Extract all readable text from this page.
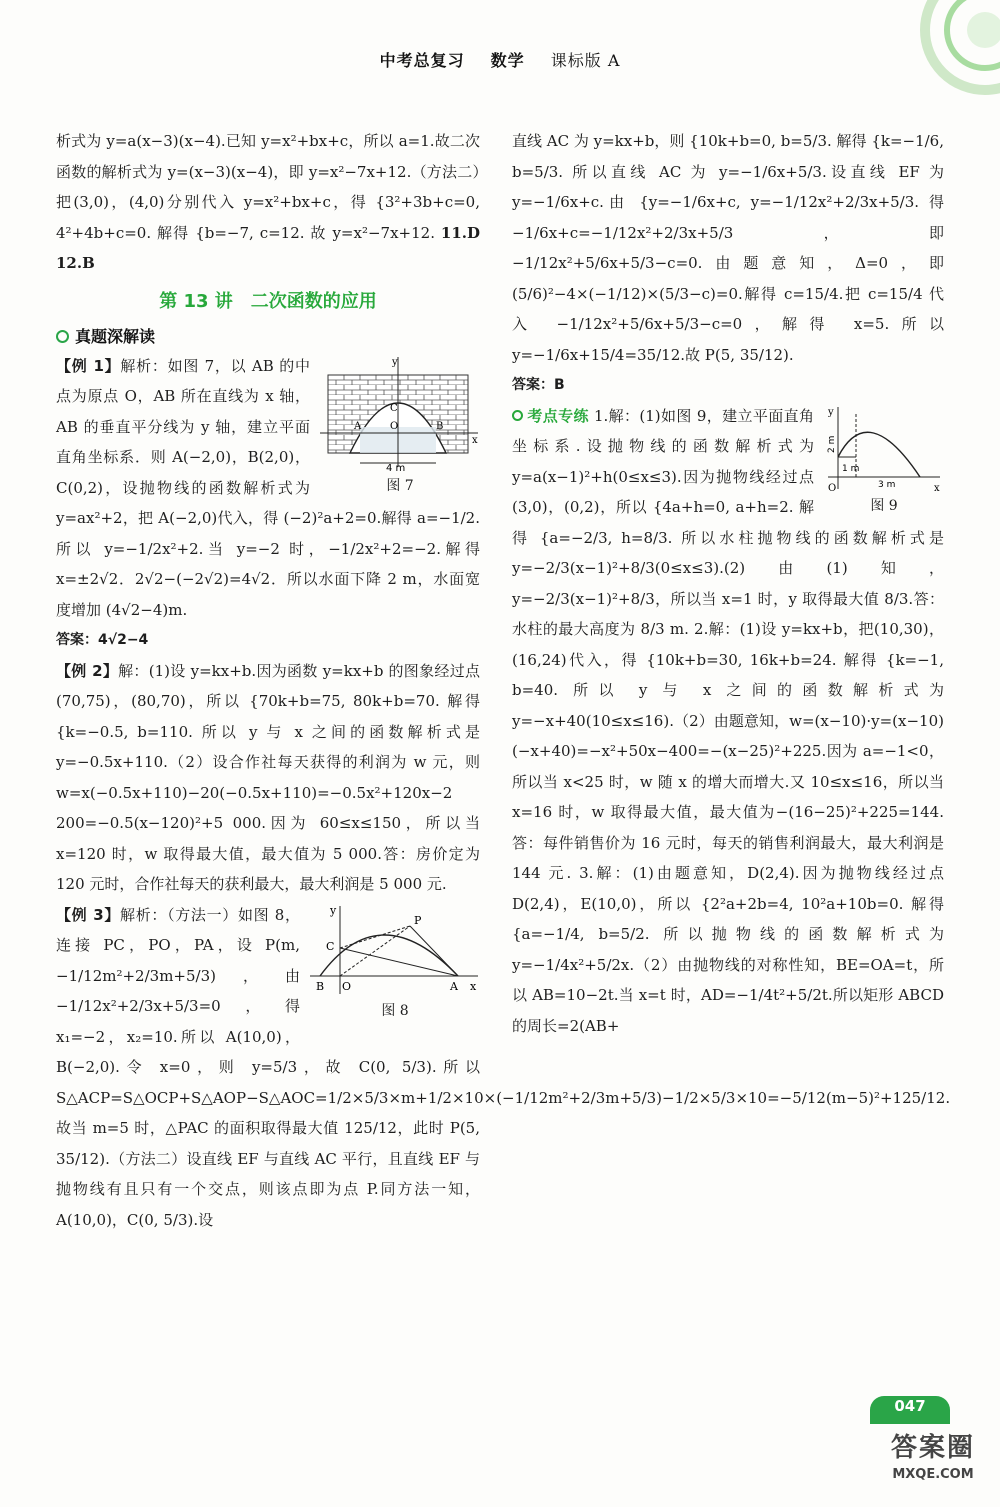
中考总复习 数学 课标版 A

析式为 y=a(x−3)(x−4).已知 y=x²+bx+c，所以 a=1.故二次函数的解析式为 y=(x−3)(x−4)，即 y=x²−7x+12.（方法二）把(3,0)，(4,0)分别代入 y=x²+bx+c，得 {3²+3b+c=0, 4²+4b+c=0. 解得 {b=−7, c=12. 故 y=x²−7x+12. 11.D　12.B

第 13 讲　二次函数的应用
真题深解读
y
x
C
A	B
O
4 m
图 7

【例 1】解析：如图 7，以 AB 的中点为原点 O，AB 所在直线为 x 轴，AB 的垂直平分线为 y 轴，建立平面直角坐标系．则 A(−2,0)，B(2,0)，C(0,2)，设抛物线的函数解析式为 y=ax²+2，把 A(−2,0)代入，得 (−2)²a+2=0.解得 a=−1/2.所以 y=−1/2x²+2.当 y=−2 时，−1/2x²+2=−2.解得 x=±2√2．2√2−(−2√2)=4√2．所以水面下降 2 m，水面宽度增加 (4√2−4)m.

答案：4√2−4

【例 2】解：(1)设 y=kx+b.因为函数 y=kx+b 的图象经过点(70,75)，(80,70)，所以 {70k+b=75, 80k+b=70. 解得 {k=−0.5, b=110. 所以 y 与 x 之间的函数解析式是 y=−0.5x+110.（2）设合作社每天获得的利润为 w 元，则 w=x(−0.5x+110)−20(−0.5x+110)=−0.5x²+120x−2 200=−0.5(x−120)²+5 000.因为 60≤x≤150，所以当 x=120 时，w 取得最大值，最大值为 5 000.答：房价定为 120 元时，合作社每天的获利最大，最大利润是 5 000 元.

y
x
P
C
B O	A
图 8

【例 3】解析：（方法一）如图 8，连接 PC，PO，PA，设 P(m, −1/12m²+2/3m+5/3)，由 −1/12x²+2/3x+5/3=0，得 x₁=−2，x₂=10.所以 A(10,0)，B(−2,0).令 x=0，则 y=5/3，故 C(0, 5/3).所以 S△ACP=S△OCP+S△AOP−S△AOC=1/2×5/3×m+1/2×10×(−1/12m²+2/3m+5/3)−1/2×5/3×10=−5/12(m−5)²+125/12.故当 m=5 时，△PAC 的面积取得最大值 125/12，此时 P(5, 35/12).（方法二）设直线 EF 与直线 AC 平行，且直线 EF 与抛物线有且只有一个交点，则该点即为点 P.同方法一知，A(10,0)，C(0, 5/3).设

直线 AC 为 y=kx+b，则 {10k+b=0, b=5/3. 解得 {k=−1/6, b=5/3. 所以直线 AC 为 y=−1/6x+5/3.设直线 EF 为 y=−1/6x+c.由 {y=−1/6x+c, y=−1/12x²+2/3x+5/3. 得 −1/6x+c=−1/12x²+2/3x+5/3，即 −1/12x²+5/6x+5/3−c=0.由题意知，Δ=0，即(5/6)²−4×(−1/12)×(5/3−c)=0.解得 c=15/4.把 c=15/4 代入 −1/12x²+5/6x+5/3−c=0，解得 x=5.所以 y=−1/6x+15/4=35/12.故 P(5, 35/12).

答案：B

y
x
O
2 m
1 m
3 m
图 9

考点专练 1.解：(1)如图 9，建立平面直角坐标系.设抛物线的函数解析式为 y=a(x−1)²+h(0≤x≤3).因为抛物线经过点(3,0)，(0,2)，所以 {4a+h=0, a+h=2. 解得 {a=−2/3, h=8/3. 所以水柱抛物线的函数解析式是 y=−2/3(x−1)²+8/3(0≤x≤3).(2)由(1)知，y=−2/3(x−1)²+8/3，所以当 x=1 时，y 取得最大值 8/3.答：水柱的最大高度为 8/3 m. 2.解：(1)设 y=kx+b，把(10,30)，(16,24)代入，得 {10k+b=30, 16k+b=24. 解得 {k=−1, b=40. 所以 y 与 x 之间的函数解析式为 y=−x+40(10≤x≤16).（2）由题意知，w=(x−10)·y=(x−10)(−x+40)=−x²+50x−400=−(x−25)²+225.因为 a=−1<0，所以当 x<25 时，w 随 x 的增大而增大.又 10≤x≤16，所以当 x=16 时，w 取得最大值，最大值为−(16−25)²+225=144.答：每件销售价为 16 元时，每天的销售利润最大，最大利润是 144 元. 3.解：(1)由题意知，D(2,4).因为抛物线经过点 D(2,4)，E(10,0)，所以 {2²a+2b=4, 10²a+10b=0. 解得 {a=−1/4, b=5/2. 所以抛物线的函数解析式为 y=−1/4x²+5/2x.（2）由抛物线的对称性知，BE=OA=t，所以 AB=10−2t.当 x=t 时，AD=−1/4t²+5/2t.所以矩形 ABCD 的周长=2(AB+

047
答案圈
MXQE.COM
